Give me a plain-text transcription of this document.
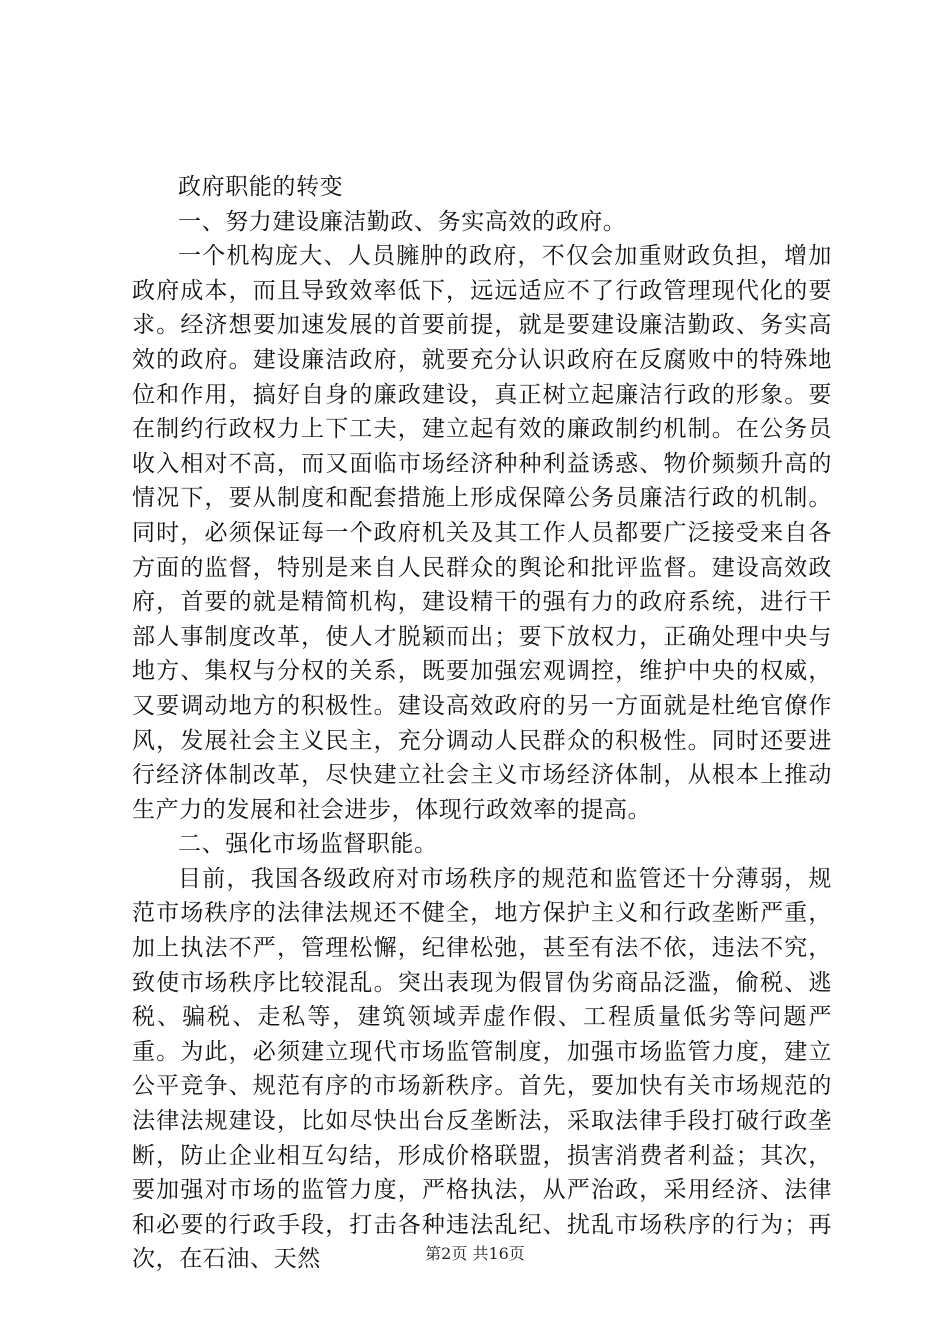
政府职能的转变

一、努力建设廉洁勤政、务实高效的政府。

一个机构庞大、人员臃肿的政府，不仅会加重财政负担，增加政府成本，而且导致效率低下，远远适应不了行政管理现代化的要求。经济想要加速发展的首要前提，就是要建设廉洁勤政、务实高效的政府。建设廉洁政府，就要充分认识政府在反腐败中的特殊地位和作用，搞好自身的廉政建设，真正树立起廉洁行政的形象。要在制约行政权力上下工夫，建立起有效的廉政制约机制。在公务员收入相对不高，而又面临市场经济种种利益诱惑、物价频频升高的情况下，要从制度和配套措施上形成保障公务员廉洁行政的机制。同时，必须保证每一个政府机关及其工作人员都要广泛接受来自各方面的监督，特别是来自人民群众的舆论和批评监督。建设高效政府，首要的就是精简机构，建设精干的强有力的政府系统，进行干部人事制度改革，使人才脱颖而出；要下放权力，正确处理中央与地方、集权与分权的关系，既要加强宏观调控，维护中央的权威，又要调动地方的积极性。建设高效政府的另一方面就是杜绝官僚作风，发展社会主义民主，充分调动人民群众的积极性。同时还要进行经济体制改革，尽快建立社会主义市场经济体制，从根本上推动生产力的发展和社会进步，体现行政效率的提高。

二、强化市场监督职能。

目前，我国各级政府对市场秩序的规范和监管还十分薄弱，规范市场秩序的法律法规还不健全，地方保护主义和行政垄断严重，加上执法不严，管理松懈，纪律松弛，甚至有法不依，违法不究，致使市场秩序比较混乱。突出表现为假冒伪劣商品泛滥，偷税、逃税、骗税、走私等，建筑领域弄虚作假、工程质量低劣等问题严重。为此，必须建立现代市场监管制度，加强市场监管力度，建立公平竞争、规范有序的市场新秩序。首先，要加快有关市场规范的法律法规建设，比如尽快出台反垄断法，采取法律手段打破行政垄断，防止企业相互勾结，形成价格联盟，损害消费者利益；其次，要加强对市场的监管力度，严格执法，从严治政，采用经济、法律和必要的行政手段，打击各种违法乱纪、扰乱市场秩序的行为；再次，在石油、天然	第2页 共16页
